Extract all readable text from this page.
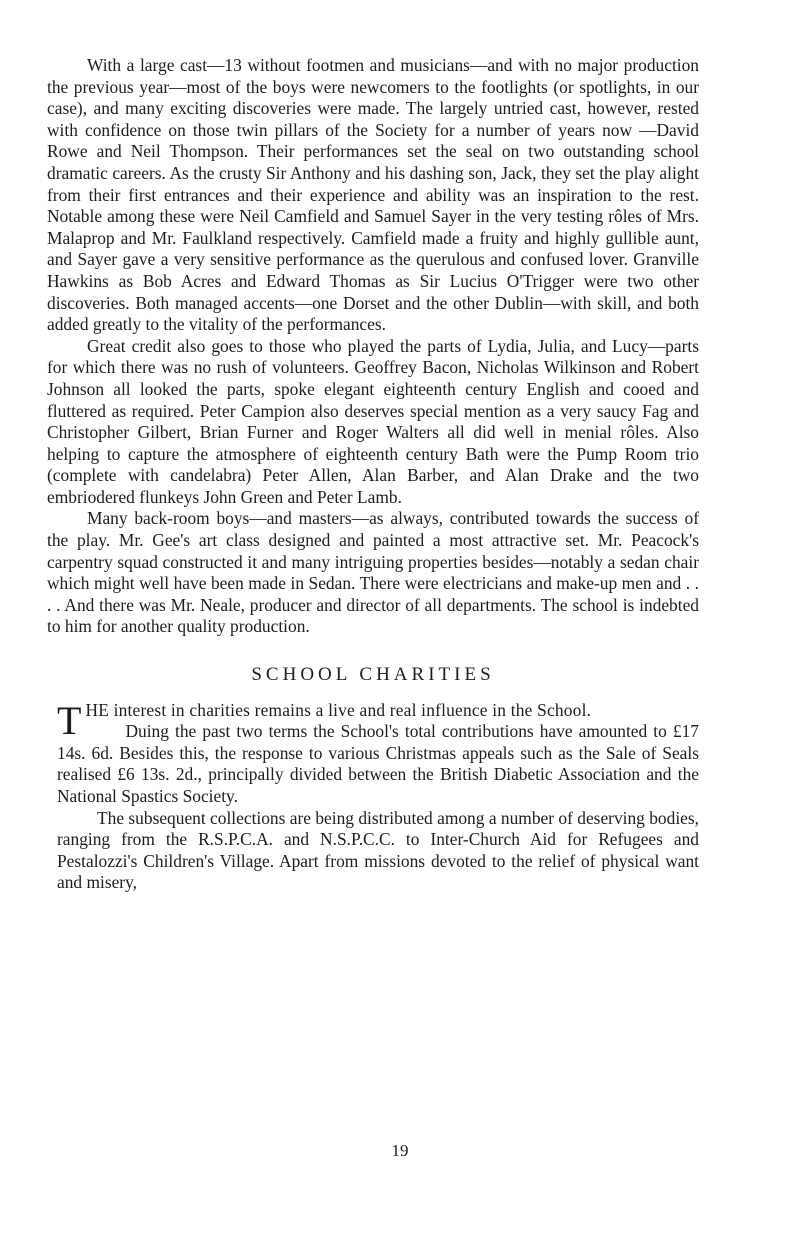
With a large cast—13 without footmen and musicians—and with no major production the previous year—most of the boys were newcomers to the footlights (or spotlights, in our case), and many exciting discoveries were made. The largely untried cast, however, rested with confidence on those twin pillars of the Society for a number of years now —David Rowe and Neil Thompson. Their performances set the seal on two outstanding school dramatic careers. As the crusty Sir Anthony and his dashing son, Jack, they set the play alight from their first entrances and their experience and ability was an inspiration to the rest. Notable among these were Neil Camfield and Samuel Sayer in the very testing rôles of Mrs. Malaprop and Mr. Faulkland respectively. Camfield made a fruity and highly gullible aunt, and Sayer gave a very sensitive performance as the querulous and confused lover. Granville Hawkins as Bob Acres and Edward Thomas as Sir Lucius O'Trigger were two other discoveries. Both managed accents—one Dorset and the other Dublin—with skill, and both added greatly to the vitality of the performances.

Great credit also goes to those who played the parts of Lydia, Julia, and Lucy—parts for which there was no rush of volunteers. Geoffrey Bacon, Nicholas Wilkinson and Robert Johnson all looked the parts, spoke elegant eighteenth century English and cooed and fluttered as required. Peter Campion also deserves special mention as a very saucy Fag and Christopher Gilbert, Brian Furner and Roger Walters all did well in menial rôles. Also helping to capture the atmosphere of eighteenth century Bath were the Pump Room trio (complete with candelabra) Peter Allen, Alan Barber, and Alan Drake and the two embriodered flunkeys John Green and Peter Lamb.

Many back-room boys—and masters—as always, contributed towards the success of the play. Mr. Gee's art class designed and painted a most attractive set. Mr. Peacock's carpentry squad constructed it and many intriguing properties besides—notably a sedan chair which might well have been made in Sedan. There were electricians and make-up men and . . . . And there was Mr. Neale, producer and director of all departments. The school is indebted to him for another quality production.

SCHOOL CHARITIES

THE interest in charities remains a live and real influence in the School.

Duing the past two terms the School's total contributions have amounted to £17 14s. 6d. Besides this, the response to various Christmas appeals such as the Sale of Seals realised £6 13s. 2d., principally divided between the British Diabetic Association and the National Spastics Society.

The subsequent collections are being distributed among a number of deserving bodies, ranging from the R.S.P.C.A. and N.S.P.C.C. to Inter-Church Aid for Refugees and Pestalozzi's Children's Village. Apart from missions devoted to the relief of physical want and misery,

19
